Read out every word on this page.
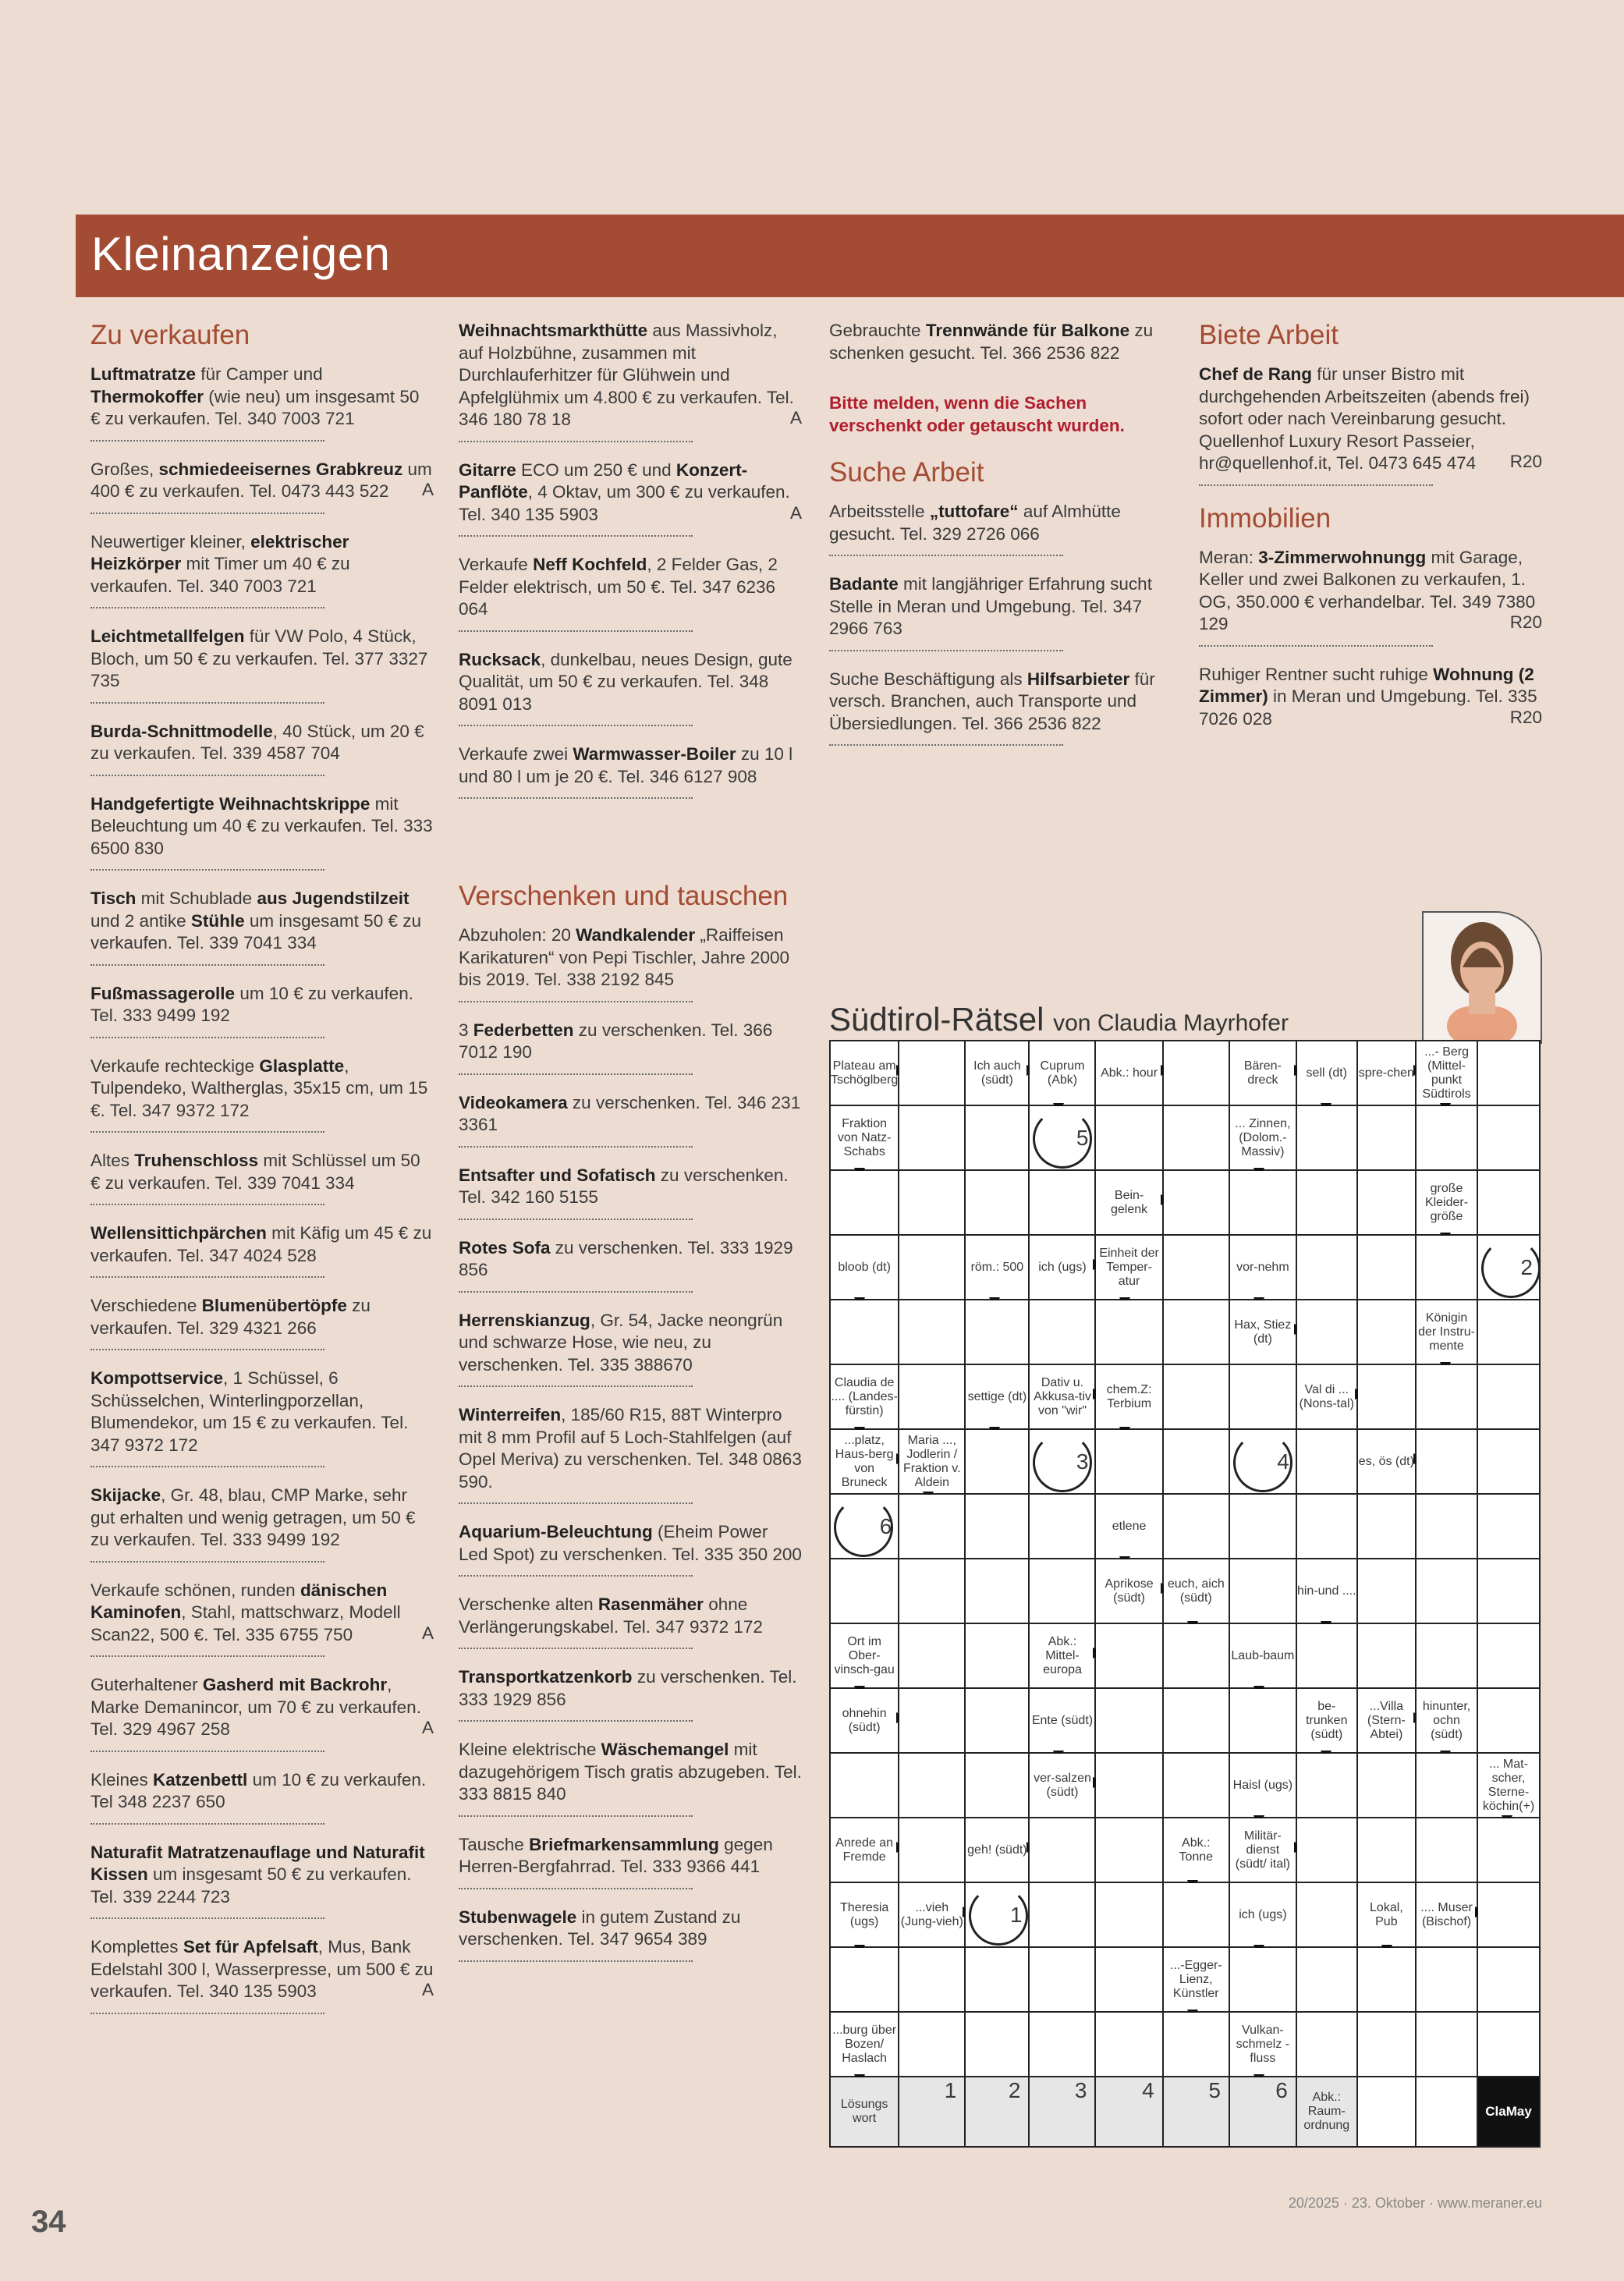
Kleinanzeigen
Zu verkaufen
Luftmatratze für Camper und Thermokoffer (wie neu) um insgesamt 50 € zu verkaufen. Tel. 340 7003 721
Großes, schmiedeeisernes Grabkreuz um 400 € zu verkaufen. Tel. 0473 443 522 A
Neuwertiger kleiner, elektrischer Heizkörper mit Timer um 40 € zu verkaufen. Tel. 340 7003 721
Leichtmetallfelgen für VW Polo, 4 Stück, Bloch, um 50 € zu verkaufen. Tel. 377 3327 735
Burda-Schnittmodelle, 40 Stück, um 20 € zu verkaufen. Tel. 339 4587 704
Handgefertigte Weihnachtskrippe mit Beleuchtung um 40 € zu verkaufen. Tel. 333 6500 830
Tisch mit Schublade aus Jugendstilzeit und 2 antike Stühle um insgesamt 50 € zu verkaufen. Tel. 339 7041 334
Fußmassagerolle um 10 € zu verkaufen. Tel. 333 9499 192
Verkaufe rechteckige Glasplatte, Tulpendeko, Waltherglas, 35x15 cm, um 15 €. Tel. 347 9372 172
Altes Truhenschloss mit Schlüssel um 50 € zu verkaufen. Tel. 339 7041 334
Wellensittichpärchen mit Käfig um 45 € zu verkaufen. Tel. 347 4024 528
Verschiedene Blumenübertöpfe zu verkaufen. Tel. 329 4321 266
Kompottservice, 1 Schüssel, 6 Schüsselchen, Winterlingporzellan, Blumendekor, um 15 € zu verkaufen. Tel. 347 9372 172
Skijacke, Gr. 48, blau, CMP Marke, sehr gut erhalten und wenig getragen, um 50 € zu verkaufen. Tel. 333 9499 192
Verkaufe schönen, runden dänischen Kaminofen, Stahl, mattschwarz, Modell Scan22, 500 €. Tel. 335 6755 750	A
Guterhaltener Gasherd mit Backrohr, Marke Demanincor, um 70 € zu verkaufen. Tel. 329 4967 258	A
Kleines Katzenbettl um 10 € zu verkaufen. Tel 348 2237 650
Naturafit Matratzenauflage und Naturafit Kissen um insgesamt 50 € zu verkaufen. Tel. 339 2244 723
Komplettes Set für Apfelsaft, Mus, Bank Edelstahl 300 l, Wasserpresse, um 500 € zu verkaufen. Tel. 340 135 5903	A
Weihnachtsmarkthütte aus Massivholz, auf Holzbühne, zusammen mit Durchlauferhitzer für Glühwein und Apfelglühmix um 4.800 € zu verkaufen. Tel. 346 180 78 18	A
Gitarre ECO um 250 € und Konzert-Panflöte, 4 Oktav, um 300 € zu verkaufen. Tel. 340 135 5903	A
Verkaufe Neff Kochfeld, 2 Felder Gas, 2 Felder elektrisch, um 50 €. Tel. 347 6236 064
Rucksack, dunkelbau, neues Design, gute Qualität, um 50 € zu verkaufen. Tel. 348 8091 013
Verkaufe zwei Warmwasser-Boiler zu 10 l und 80 l um je 20 €. Tel. 346 6127 908
Verschenken und tauschen
Abzuholen: 20 Wandkalender „Raiffeisen Karikaturen“ von Pepi Tischler, Jahre 2000 bis 2019. Tel. 338 2192 845
3 Federbetten zu verschenken. Tel. 366 7012 190
Videokamera zu verschenken. Tel. 346 231 3361
Entsafter und Sofatisch zu verschenken. Tel. 342 160 5155
Rotes Sofa zu verschenken. Tel. 333 1929 856
Herrenskianzug, Gr. 54, Jacke neongrün und schwarze Hose, wie neu, zu verschenken. Tel. 335 388670
Winterreifen, 185/60 R15, 88T Winterpro mit 8 mm Profil auf 5 Loch-Stahlfelgen (auf Opel Meriva) zu verschenken. Tel. 348 0863 590.
Aquarium-Beleuchtung (Eheim Power Led Spot) zu verschenken. Tel. 335 350 200
Verschenke alten Rasenmäher ohne Verlängerungskabel. Tel. 347 9372 172
Transportkatzenkorb zu verschenken. Tel. 333 1929 856
Kleine elektrische Wäschemangel mit dazugehörigem Tisch gratis abzugeben. Tel. 333 8815 840
Tausche Briefmarkensammlung gegen Herren-Bergfahrrad. Tel. 333 9366 441
Stubenwagele in gutem Zustand zu verschenken. Tel. 347 9654 389
Gebrauchte Trennwände für Balkone zu schenken gesucht. Tel. 366 2536 822
Bitte melden, wenn die Sachen verschenkt oder getauscht wurden.
Suche Arbeit
Arbeitsstelle „tuttofare“ auf Almhütte gesucht. Tel. 329 2726 066
Badante mit langjähriger Erfahrung sucht Stelle in Meran und Umgebung. Tel. 347 2966 763
Suche Beschäftigung als Hilfsarbieter für versch. Branchen, auch Transporte und Übersiedlungen. Tel. 366 2536 822
Biete Arbeit
Chef de Rang für unser Bistro mit durchgehenden Arbeitszeiten (abends frei) sofort oder nach Vereinbarung gesucht. Quellenhof Luxury Resort Passeier, hr@quellenhof.it, Tel. 0473 645 474 R20
Immobilien
Meran: 3-Zimmerwohnungg mit Garage, Keller und zwei Balkonen zu verkaufen, 1. OG, 350.000 € verhandelbar. Tel. 349 7380 129	R20
Ruhiger Rentner sucht ruhige Wohnung (2 Zimmer) in Meran und Umgebung. Tel. 335 7026 028	R20
Südtirol-Rätsel von Claudia Mayrhofer
Plateau am Tschöglberg		Ich auch (südt)	Cuprum (Abk)	Abk.: hour		Bären-dreck	sell (dt)	spre-chen	...- Berg (Mittel-punkt Südtirols

Fraktion von Natz-Schabs			5			... Zinnen, (Dolom.-Massiv)

				Bein-gelenk					große Kleider-größe

bloob (dt)		röm.: 500	ich (ugs)	Einheit der Temper-atur		vor-nehm				2

						Hax, Stiez (dt)			Königin der Instru-mente

Claudia de .... (Landes-fürstin)		settige (dt)	Dativ u. Akkusa-tiv von "wir"	chem.Z: Terbium			Val di ... (Nons-tal)

...platz, Haus-berg von Bruneck	Maria ..., Jodlerin / Fraktion v. Aldein		3			4		es, ös (dt)

6				etlene

				Aprikose (südt)	euch, aich (südt)		hin-und ....

Ort im Ober-vinsch-gau			Abk.: Mittel-europa			Laub-baum

ohnehin (südt)			Ente (südt)				be-trunken (südt)	...Villa (Stern-Abtei)	hinunter, ochn (südt)

			ver-salzen (südt)			Haisl (ugs)				... Mat-scher, Sterne-köchin(+)

Anrede an Fremde		geh! (südt)			Abk.: Tonne	Militär-dienst (südt/ ital)

Theresia (ugs)	...vieh (Jung-vieh)	1				ich (ugs)		Lokal, Pub	.... Muser (Bischof)

					...-Egger-Lienz, Künstler

...burg über Bozen/ Haslach						Vulkan-schmelz -fluss

Lösungs wort	1	2	3	4	5	6	Abk.: Raum-ordnung			ClaMay
34
20/2025 · 23. Oktober · www.meraner.eu
